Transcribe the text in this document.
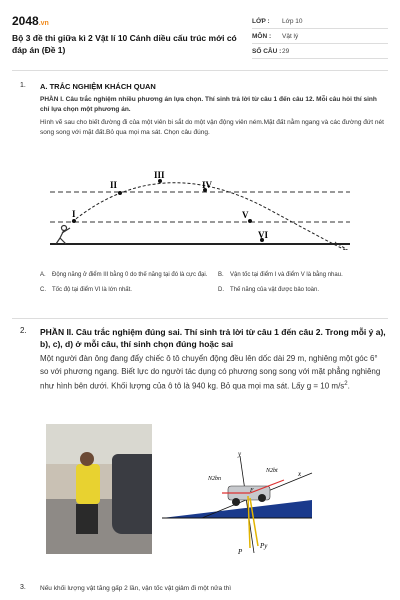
2048.vn
Bộ 3 đề thi giữa kì 2 Vật lí 10 Cánh diều cấu trúc mới có đáp án (Đề 1)
LỚP :	Lớp 10
MÔN :	Vật lý
SỐ CÂU : 29
1. A. TRẮC NGHIỆM KHÁCH QUAN
PHẦN I. Câu trắc nghiệm nhiều phương án lựa chọn. Thí sinh trả lời từ câu 1 đến câu 12. Mỗi câu hỏi thí sinh chỉ lựa chọn một phương án.
Hình vẽ sau cho biết đường đi của một viên bi sắt do một vận động viên ném.Mặt đất nằm ngang và các đường đứt nét song song với mặt đất.Bỏ qua mọi ma sát. Chọn câu đúng.
I
II
III
IV
V
VI
A.	Động năng ở điểm III bằng 0 do thế năng tại đó là cực đại. B.	Vận tốc tại điểm I và điểm V là bằng nhau.
C.	Tốc độ tại điểm VI là lớn nhất.	D.	Thế năng của vật được bảo toàn.
2. PHẦN II. Câu trắc nghiệm đúng sai. Thí sinh trả lời từ câu 1 đến câu 2. Trong mỗi ý a), b), c), d) ở mỗi câu, thí sinh chọn đúng hoặc sai
Một người đàn ông đang đẩy chiếc ô tô chuyển động đều lên dốc dài 29 m, nghiêng một góc 6° so với phương ngang. Biết lực do người tác dụng có phương song song với mặt phẳng nghiêng như hình bên dưới. Khối lượng của ô tô là 940 kg. Bỏ qua mọi ma sát. Lấy g = 10 $m/s^2$.
y
x
N2bn
N2bt
F
P
Py
3. Nếu khối lượng vật tăng gấp 2 lần, vận tốc vật giảm đi một nửa thì
